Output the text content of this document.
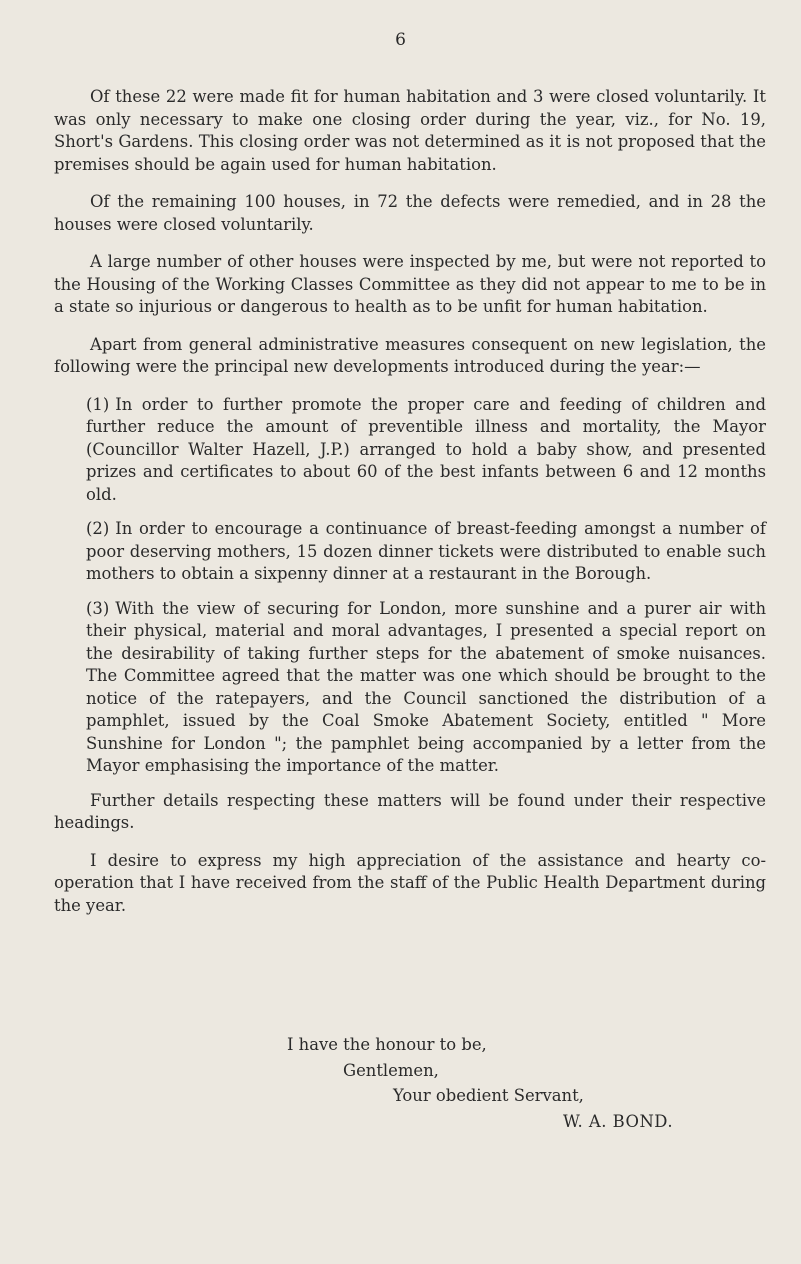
6

Of these 22 were made fit for human habitation and 3 were closed voluntarily. It was only necessary to make one closing order during the year, viz., for No. 19, Short's Gardens. This closing order was not determined as it is not proposed that the premises should be again used for human habitation.

Of the remaining 100 houses, in 72 the defects were remedied, and in 28 the houses were closed voluntarily.

A large number of other houses were inspected by me, but were not reported to the Housing of the Working Classes Committee as they did not appear to me to be in a state so injurious or dangerous to health as to be unfit for human habitation.

Apart from general administrative measures consequent on new legislation, the following were the principal new developments introduced during the year:—

(1) In order to further promote the proper care and feeding of children and further reduce the amount of preventible illness and mortality, the Mayor (Councillor Walter Hazell, J.P.) arranged to hold a baby show, and presented prizes and certificates to about 60 of the best infants between 6 and 12 months old.

(2) In order to encourage a continuance of breast-feeding amongst a number of poor deserving mothers, 15 dozen dinner tickets were distributed to enable such mothers to obtain a sixpenny dinner at a restaurant in the Borough.

(3) With the view of securing for London, more sunshine and a purer air with their physical, material and moral advantages, I presented a special report on the desirability of taking further steps for the abatement of smoke nuisances. The Committee agreed that the matter was one which should be brought to the notice of the ratepayers, and the Council sanctioned the distribution of a pamphlet, issued by the Coal Smoke Abatement Society, entitled " More Sunshine for London "; the pamphlet being accompanied by a letter from the Mayor emphasising the importance of the matter.

Further details respecting these matters will be found under their respective headings.

I desire to express my high appreciation of the assistance and hearty co-operation that I have received from the staff of the Public Health Department during the year.

I have the honour to be,
Gentlemen,
Your obedient Servant,
W. A. BOND.
